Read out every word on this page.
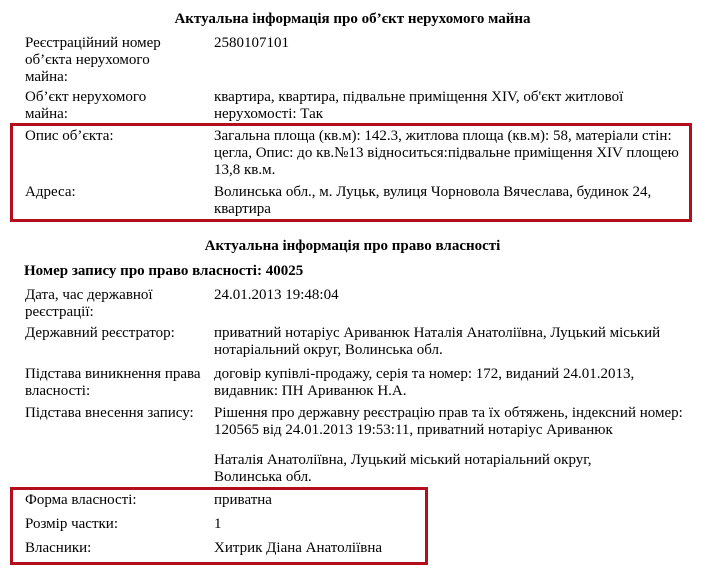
Актуальна інформація про об’єкт нерухомого майна
Реєстраційний номер об’єкта нерухомого майна:
2580107101
Об’єкт нерухомого майна:
квартира, квартира, підвальне приміщення XIV, об'єкт житлової нерухомості: Так
Опис об’єкта:	Загальна площа (кв.м): 142.3, житлова площа (кв.м): 58, матеріали стін: цегла, Опис: до кв.№13 відноситься:підвальне приміщення XIV площею 13,8 кв.м.
Адреса:	Волинська обл., м. Луцьк, вулиця Чорновола Вячеслава, будинок 24, квартира
Актуальна інформація про право власності
Номер запису про право власності: 40025
Дата, час державної реєстрації:
24.01.2013 19:48:04
Державний реєстратор:	приватний нотаріус Ариванюк Наталія Анатоліївна, Луцький міський нотаріальний округ, Волинська обл.
Підстава виникнення права власності:
договір купівлі-продажу, серія та номер: 172, виданий 24.01.2013, видавник: ПН Ариванюк Н.А.
Підстава внесення запису:	Рішення про державну реєстрацію прав та їх обтяжень, індексний номер: 120565 від 24.01.2013 19:53:11, приватний нотаріус Ариванюк
Наталія Анатоліївна, Луцький міський нотаріальний округ, Волинська обл.
Форма власності:	приватна
Розмір частки:	1
Власники:	Хитрик Діана Анатоліївна
